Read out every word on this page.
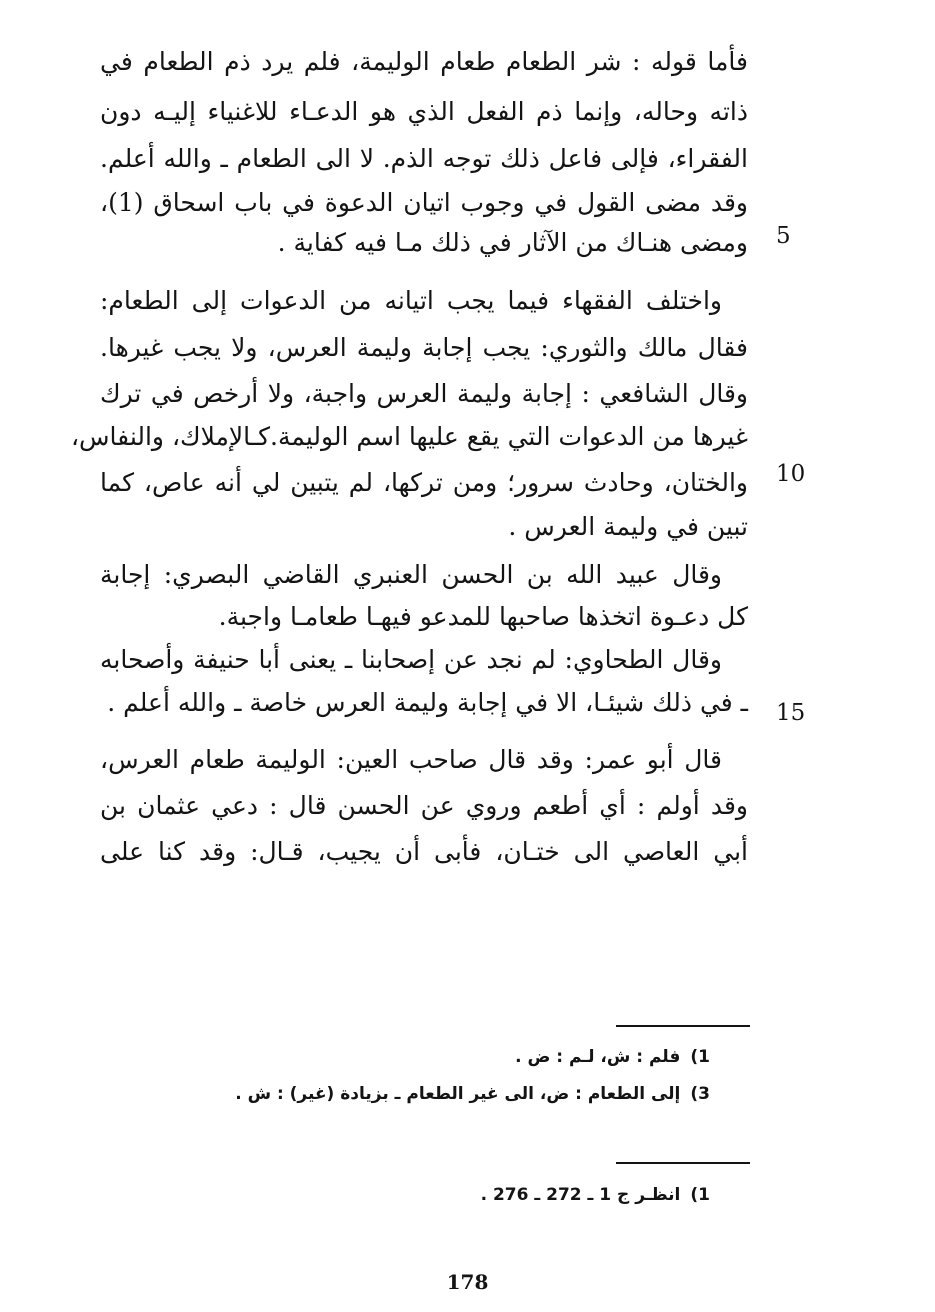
فأما قوله : شر الطعام طعام الوليمة، فلم يرد ذم الطعام في
ذاته وحاله، وإنما ذم الفعل الذي هو الدعـاء للاغنياء إليـه دون
الفقراء، فإلى فاعل ذلك توجه الذم. لا الى الطعام ـ والله أعلم.
وقد مضى القول في وجوب اتيان الدعوة في باب اسحاق (1)،
ومضى هنـاك من الآثار في ذلك مـا فيه كفاية .
واختلف الفقهاء فيما يجب اتيانه من الدعوات إلى الطعام:
فقال مالك والثوري: يجب إجابة وليمة العرس، ولا يجب غيرها.
وقال الشافعي : إجابة وليمة العرس واجبة، ولا أرخص في ترك
غيرها من الدعوات التي يقع عليها اسم الوليمة.كـالإملاك، والنفاس،
والختان، وحادث سرور؛ ومن تركها، لم يتبين لي أنه عاص، كما
تبين في وليمة العرس .
وقال عبيد الله بن الحسن العنبري القاضي البصري: إجابة
كل دعـوة اتخذها صاحبها للمدعو فيهـا طعامـا واجبة.
وقال الطحاوي: لم نجد عن إصحابنا ـ يعنى أبا حنيفة وأصحابه
ـ في ذلك شيئـا، الا في إجابة وليمة العرس خاصة ـ والله أعلم .
قال أبو عمر: وقد قال صاحب العين: الوليمة طعام العرس،
وقد أولم : أي أطعم وروي عن الحسن قال : دعي عثمان بن
أبي العاصي الى ختـان، فأبى أن يجيب، قـال: وقد كنا على
5
10
15
1)فلم : ش، لـم : ض .
3)إلى الطعام : ض، الى غير الطعام ـ بزيادة (غير) : ش .
1)انظـر ج 1 ـ 272 ـ 276 .
178
